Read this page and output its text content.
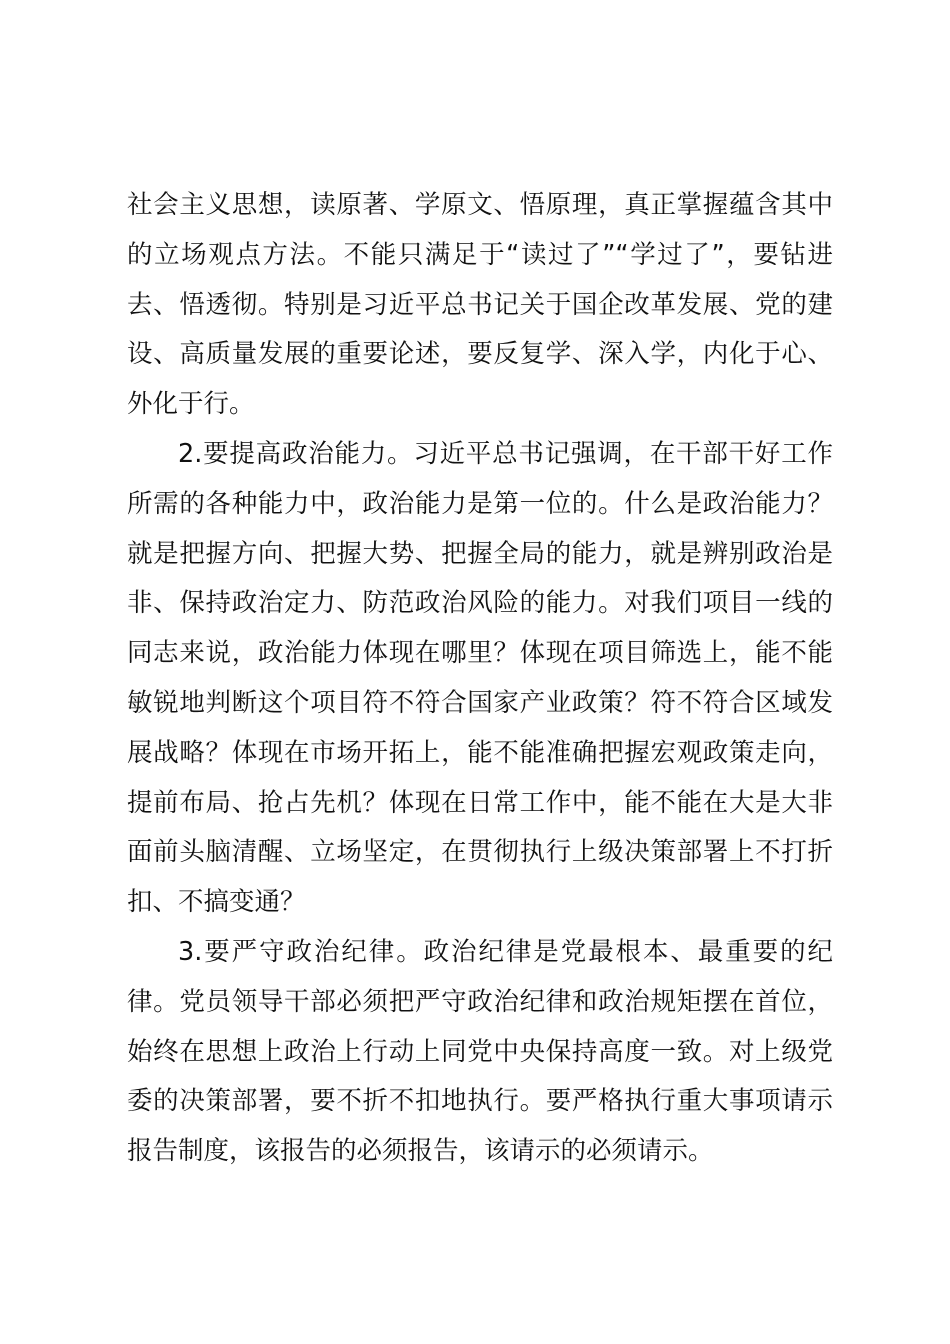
社会主义思想，读原著、学原文、悟原理，真正掌握蕴含其中的立场观点方法。不能只满足于“读过了”“学过了”，要钻进去、悟透彻。特别是习近平总书记关于国企改革发展、党的建设、高质量发展的重要论述，要反复学、深入学，内化于心、外化于行。

2.要提高政治能力。习近平总书记强调，在干部干好工作所需的各种能力中，政治能力是第一位的。什么是政治能力？就是把握方向、把握大势、把握全局的能力，就是辨别政治是非、保持政治定力、防范政治风险的能力。对我们项目一线的同志来说，政治能力体现在哪里？体现在项目筛选上，能不能敏锐地判断这个项目符不符合国家产业政策？符不符合区域发展战略？体现在市场开拓上，能不能准确把握宏观政策走向，提前布局、抢占先机？体现在日常工作中，能不能在大是大非面前头脑清醒、立场坚定，在贯彻执行上级决策部署上不打折扣、不搞变通？

3.要严守政治纪律。政治纪律是党最根本、最重要的纪律。党员领导干部必须把严守政治纪律和政治规矩摆在首位，始终在思想上政治上行动上同党中央保持高度一致。对上级党委的决策部署，要不折不扣地执行。要严格执行重大事项请示报告制度，该报告的必须报告，该请示的必须请示。
